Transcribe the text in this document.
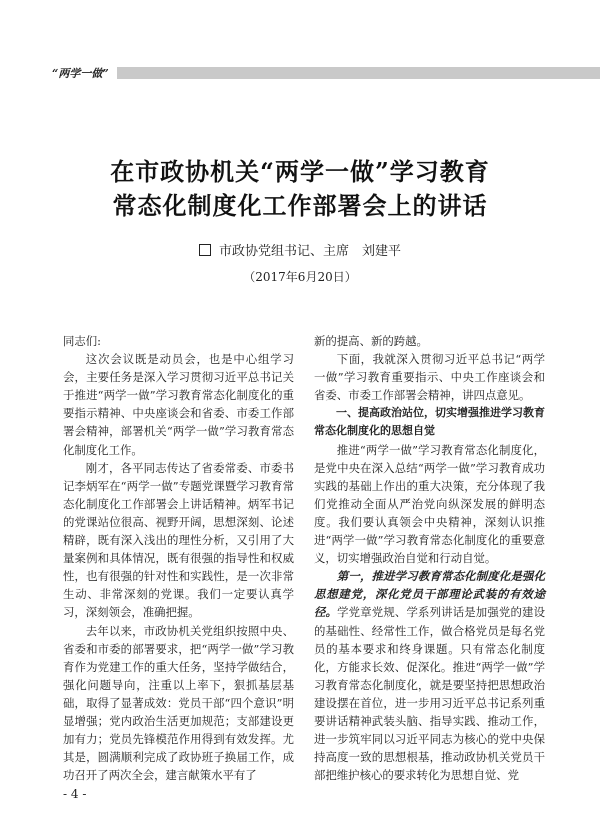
“两学一做”
在市政协机关“两学一做”学习教育
常态化制度化工作部署会上的讲话
市政协党组书记、主席　刘建平
（2017年6月20日）

同志们:

这次会议既是动员会，也是中心组学习会，主要任务是深入学习贯彻习近平总书记关于推进“两学一做”学习教育常态化制度化的重要指示精神、中央座谈会和省委、市委工作部署会精神，部署机关“两学一做”学习教育常态化制度化工作。

刚才，各平同志传达了省委常委、市委书记李炳军在“两学一做”专题党课暨学习教育常态化制度化工作部署会上讲话精神。炳军书记的党课站位很高、视野开阔，思想深刻、论述精辟，既有深入浅出的理性分析，又引用了大量案例和具体情况，既有很强的指导性和权威性，也有很强的针对性和实践性，是一次非常生动、非常深刻的党课。我们一定要认真学习，深刻领会，准确把握。

去年以来，市政协机关党组织按照中央、省委和市委的部署要求，把“两学一做”学习教育作为党建工作的重大任务，坚持学做结合，强化问题导向，注重以上率下，狠抓基层基础，取得了显著成效：党员干部“四个意识”明显增强；党内政治生活更加规范；支部建设更加有力；党员先锋模范作用得到有效发挥。尤其是，圆满顺利完成了政协班子换届工作，成功召开了两次全会，建言献策水平有了

新的提高、新的跨越。

下面，我就深入贯彻习近平总书记“两学一做”学习教育重要指示、中央工作座谈会和省委、市委工作部署会精神，讲四点意见。

一、提高政治站位，切实增强推进学习教育常态化制度化的思想自觉

推进“两学一做”学习教育常态化制度化，是党中央在深入总结“两学一做”学习教育成功实践的基础上作出的重大决策，充分体现了我们党推动全面从严治党向纵深发展的鲜明态度。我们要认真领会中央精神，深刻认识推进“两学一做”学习教育常态化制度化的重要意义，切实增强政治自觉和行动自觉。

第一，推进学习教育常态化制度化是强化思想建党，深化党员干部理论武装的有效途径。学党章党规、学系列讲话是加强党的建设的基础性、经常性工作，做合格党员是每名党员的基本要求和终身课题。只有常态化制度化，方能求长效、促深化。推进“两学一做”学习教育常态化制度化，就是要坚持把思想政治建设摆在首位，进一步用习近平总书记系列重要讲话精神武装头脑、指导实践、推动工作，进一步筑牢同以习近平同志为核心的党中央保持高度一致的思想根基，推动政协机关党员干部把维护核心的要求转化为思想自觉、党

- 4 -
